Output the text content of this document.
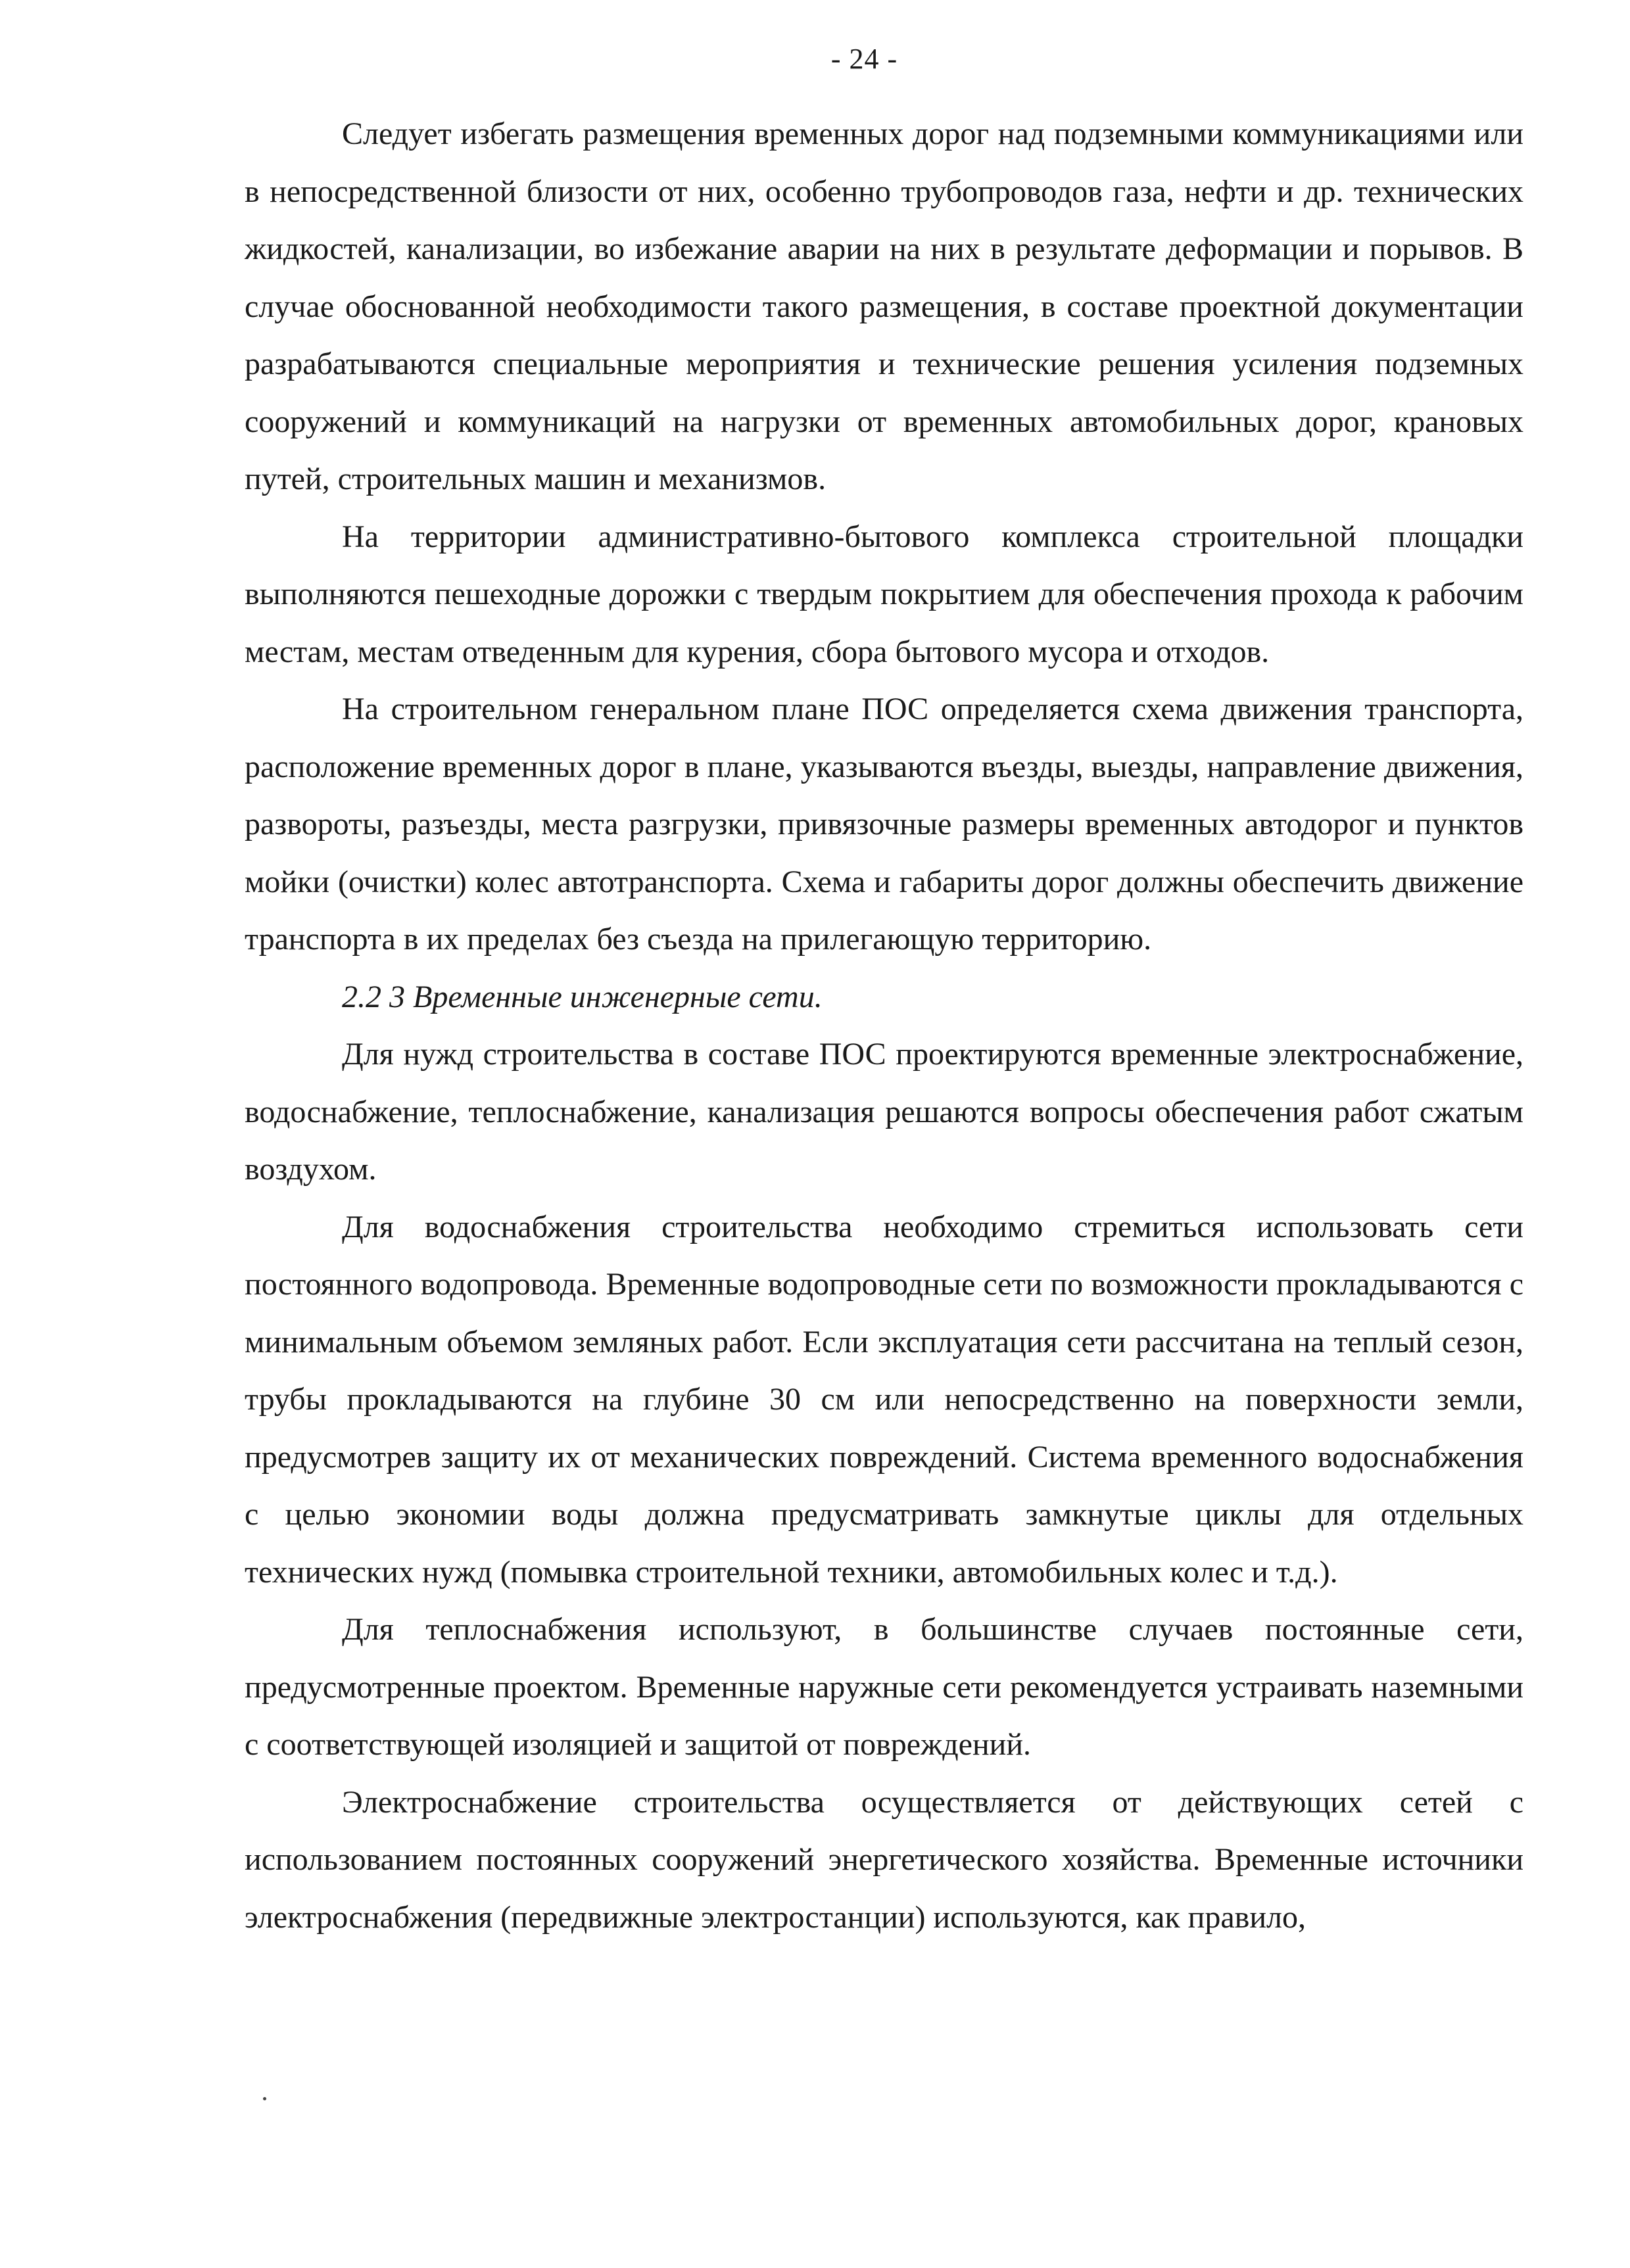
- 24 -

Следует избегать размещения временных дорог над подземными коммуникациями или в непосредственной близости от них, особенно трубопроводов газа, нефти и др. технических жидкостей, канализации, во избежание аварии на них в результате деформации и порывов. В случае обоснованной необходимости такого размещения, в составе проектной документации разрабатываются специальные мероприятия и технические решения усиления подземных сооружений и коммуникаций на нагрузки от временных автомобильных дорог, крановых путей, строительных машин и механизмов.

На территории административно-бытового комплекса строительной площадки выполняются пешеходные дорожки с твердым покрытием для обеспечения прохода к рабочим местам, местам отведенным для курения, сбора бытового мусора и отходов.

На строительном генеральном плане ПОС определяется схема движения транспорта, расположение временных дорог в плане, указываются въезды, выезды, направление движения, развороты, разъезды, места разгрузки, привязочные размеры временных автодорог и пунктов мойки (очистки) колес автотранспорта. Схема и габариты дорог должны обеспечить движение транспорта в их пределах без съезда на прилегающую территорию.

2.2 3 Временные инженерные сети.

Для нужд строительства в составе ПОС проектируются временные электроснабжение, водоснабжение, теплоснабжение, канализация решаются вопросы обеспечения работ сжатым воздухом.

Для водоснабжения строительства необходимо стремиться использовать сети постоянного водопровода. Временные водопроводные сети по возможности прокладываются с минимальным объемом земляных работ. Если эксплуатация сети рассчитана на теплый сезон, трубы прокладываются на глубине 30 см или непосредственно на поверхности земли, предусмотрев защиту их от механических повреждений. Система временного водоснабжения с целью экономии воды должна предусматривать замкнутые циклы для отдельных технических нужд (помывка строительной техники, автомобильных колес и т.д.).

Для теплоснабжения используют, в большинстве случаев постоянные сети, предусмотренные проектом. Временные наружные сети рекомендуется устраивать наземными с соответствующей изоляцией и защитой от повреждений.

Электроснабжение строительства осуществляется от действующих сетей с использованием постоянных сооружений энергетического хозяйства. Временные источники электроснабжения (передвижные электростанции) используются, как правило,
